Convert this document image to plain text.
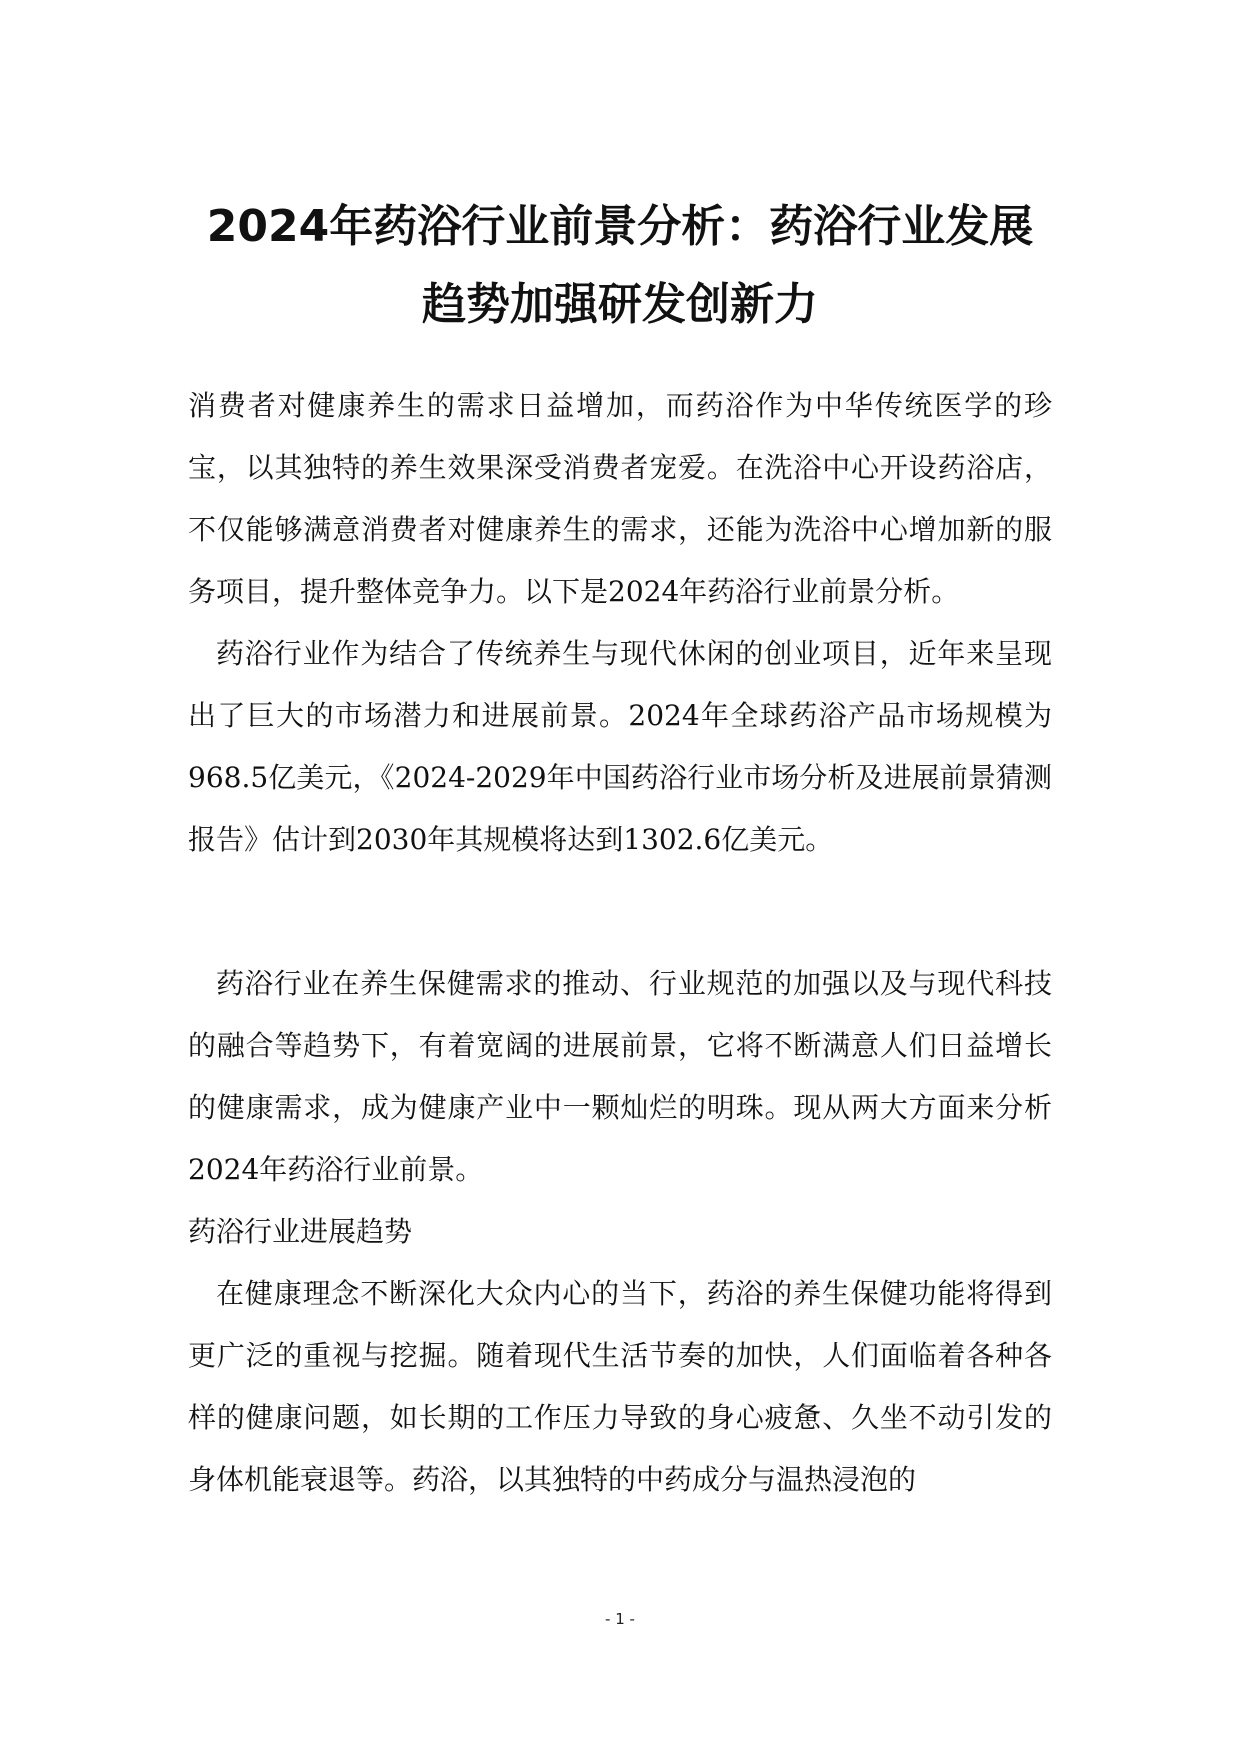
2024年药浴行业前景分析：药浴行业发展
趋势加强研发创新力

消费者对健康养生的需求日益增加，而药浴作为中华传统医学的珍宝，以其独特的养生效果深受消费者宠爱。在洗浴中心开设药浴店，不仅能够满意消费者对健康养生的需求，还能为洗浴中心增加新的服务项目，提升整体竞争力。以下是2024年药浴行业前景分析。

药浴行业作为结合了传统养生与现代休闲的创业项目，近年来呈现出了巨大的市场潜力和进展前景。2024年全球药浴产品市场规模为968.5亿美元，《2024-2029年中国药浴行业市场分析及进展前景猜测报告》估计到2030年其规模将达到1302.6亿美元。

药浴行业在养生保健需求的推动、行业规范的加强以及与现代科技的融合等趋势下，有着宽阔的进展前景，它将不断满意人们日益增长的健康需求，成为健康产业中一颗灿烂的明珠。现从两大方面来分析2024年药浴行业前景。

药浴行业进展趋势

在健康理念不断深化大众内心的当下，药浴的养生保健功能将得到更广泛的重视与挖掘。随着现代生活节奏的加快，人们面临着各种各样的健康问题，如长期的工作压力导致的身心疲惫、久坐不动引发的身体机能衰退等。药浴，以其独特的中药成分与温热浸泡的

- 1 -
